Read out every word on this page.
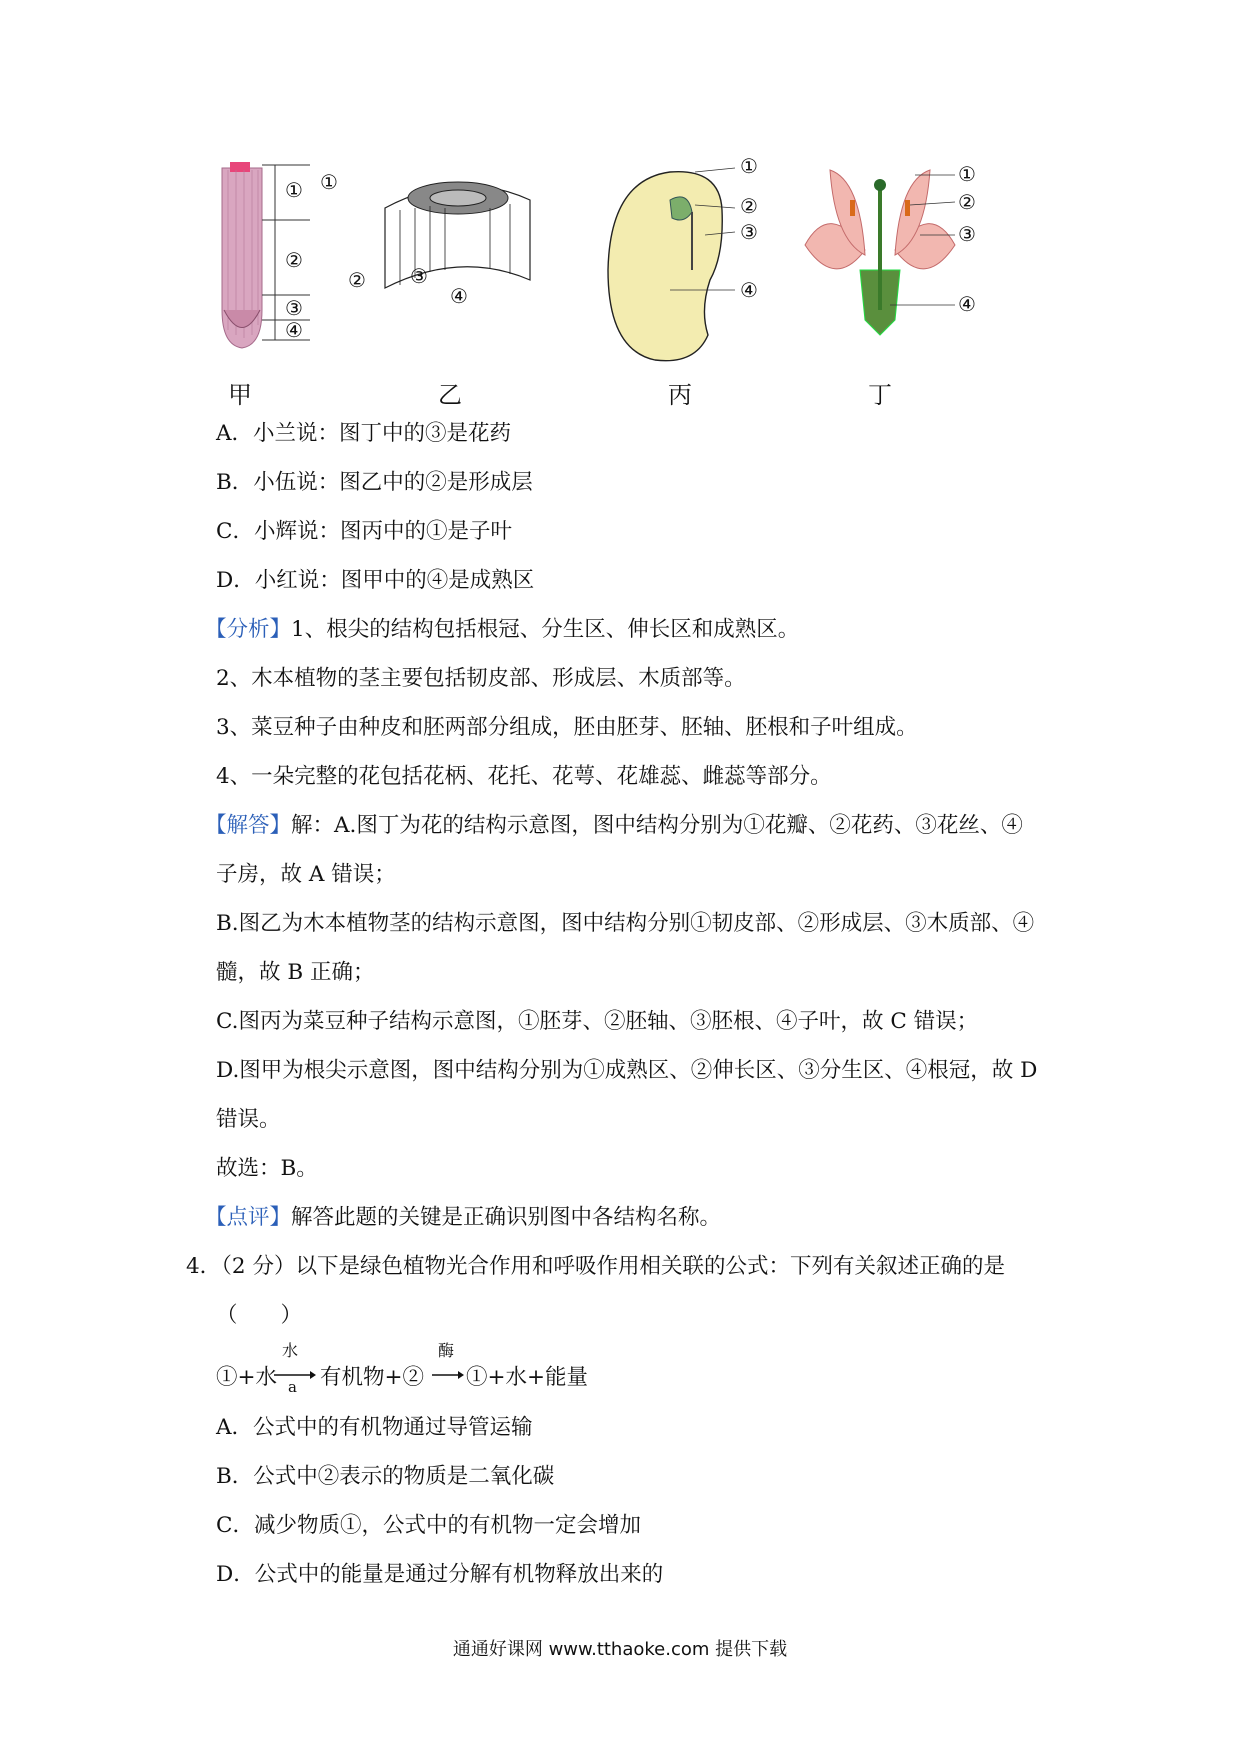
①
②
③
④
甲
①
② ③
④
乙
①
②
③
④
丙
①
②
③
④
丁
A．小兰说：图丁中的③是花药
B．小伍说：图乙中的②是形成层
C．小辉说：图丙中的①是子叶
D．小红说：图甲中的④是成熟区
【分析】1、根尖的结构包括根冠、分生区、伸长区和成熟区。
2、木本植物的茎主要包括韧皮部、形成层、木质部等。
3、菜豆种子由种皮和胚两部分组成，胚由胚芽、胚轴、胚根和子叶组成。
4、一朵完整的花包括花柄、花托、花萼、花雄蕊、雌蕊等部分。
【解答】解：A.图丁为花的结构示意图，图中结构分别为①花瓣、②花药、③花丝、④
子房，故 A 错误；
B.图乙为木本植物茎的结构示意图，图中结构分别①韧皮部、②形成层、③木质部、④
髓，故 B 正确；
C.图丙为菜豆种子结构示意图，①胚芽、②胚轴、③胚根、④子叶，故 C 错误；
D.图甲为根尖示意图，图中结构分别为①成熟区、②伸长区、③分生区、④根冠，故 D
错误。
故选：B。
【点评】解答此题的关键是正确识别图中各结构名称。
4．（2 分）以下是绿色植物光合作用和呼吸作用相关联的公式：下列有关叙述正确的是
（　　）
①+水
水
a 有机物+②
酶
①+水+能量
A．公式中的有机物通过导管运输
B．公式中②表示的物质是二氧化碳
C．减少物质①，公式中的有机物一定会增加
D．公式中的能量是通过分解有机物释放出来的
通通好课网 www.tthaoke.com 提供下载
